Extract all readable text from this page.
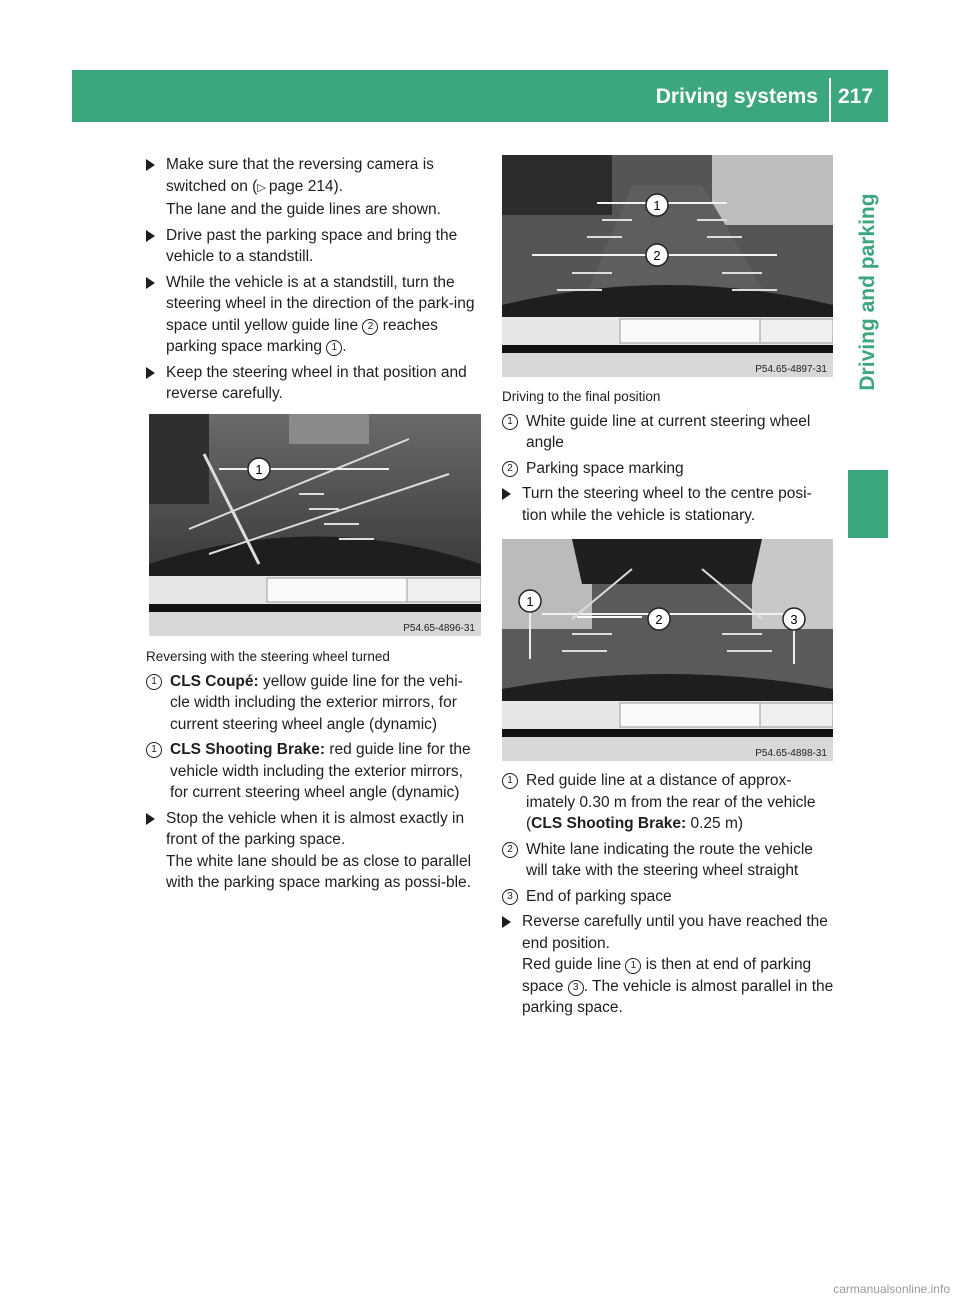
Driving systems 217
Driving and parking
Make sure that the reversing camera is
switched on (▷  page 214).
The lane and the guide lines are shown.
Drive past the parking space and bring the vehicle to a standstill.
While the vehicle is at a standstill, turn the steering wheel in the direction of the park-ing space until yellow guide line 2 reaches parking space marking 1 .
Keep the steering wheel in that position and reverse carefully.
1
P54.65-4896-31
Reversing with the steering wheel turned
1 CLS Coupé: yellow guide line for the vehi-cle width including the exterior mirrors, for current steering wheel angle (dynamic)
1 CLS Shooting Brake: red guide line for the vehicle width including the exterior mirrors, for current steering wheel angle (dynamic)
Stop the vehicle when it is almost exactly in front of the parking space.
The white lane should be as close to parallel with the parking space marking as possi-ble.
1
2
P54.65-4897-31
Driving to the final position
1 White guide line at current steering wheel angle
2 Parking space marking
Turn the steering wheel to the centre posi-tion while the vehicle is stationary.
1
2	3
P54.65-4898-31
1 Red guide line at a distance of approx-imately 0.30 m from the rear of the vehicle (CLS Shooting Brake: 0.25 m)
2 White lane indicating the route the vehicle will take with the steering wheel straight
3 End of parking space
Reverse carefully until you have reached the end position.
Red guide line 1 is then at end of parking space 3 . The vehicle is almost parallel in the parking space.
carmanualsonline.info
